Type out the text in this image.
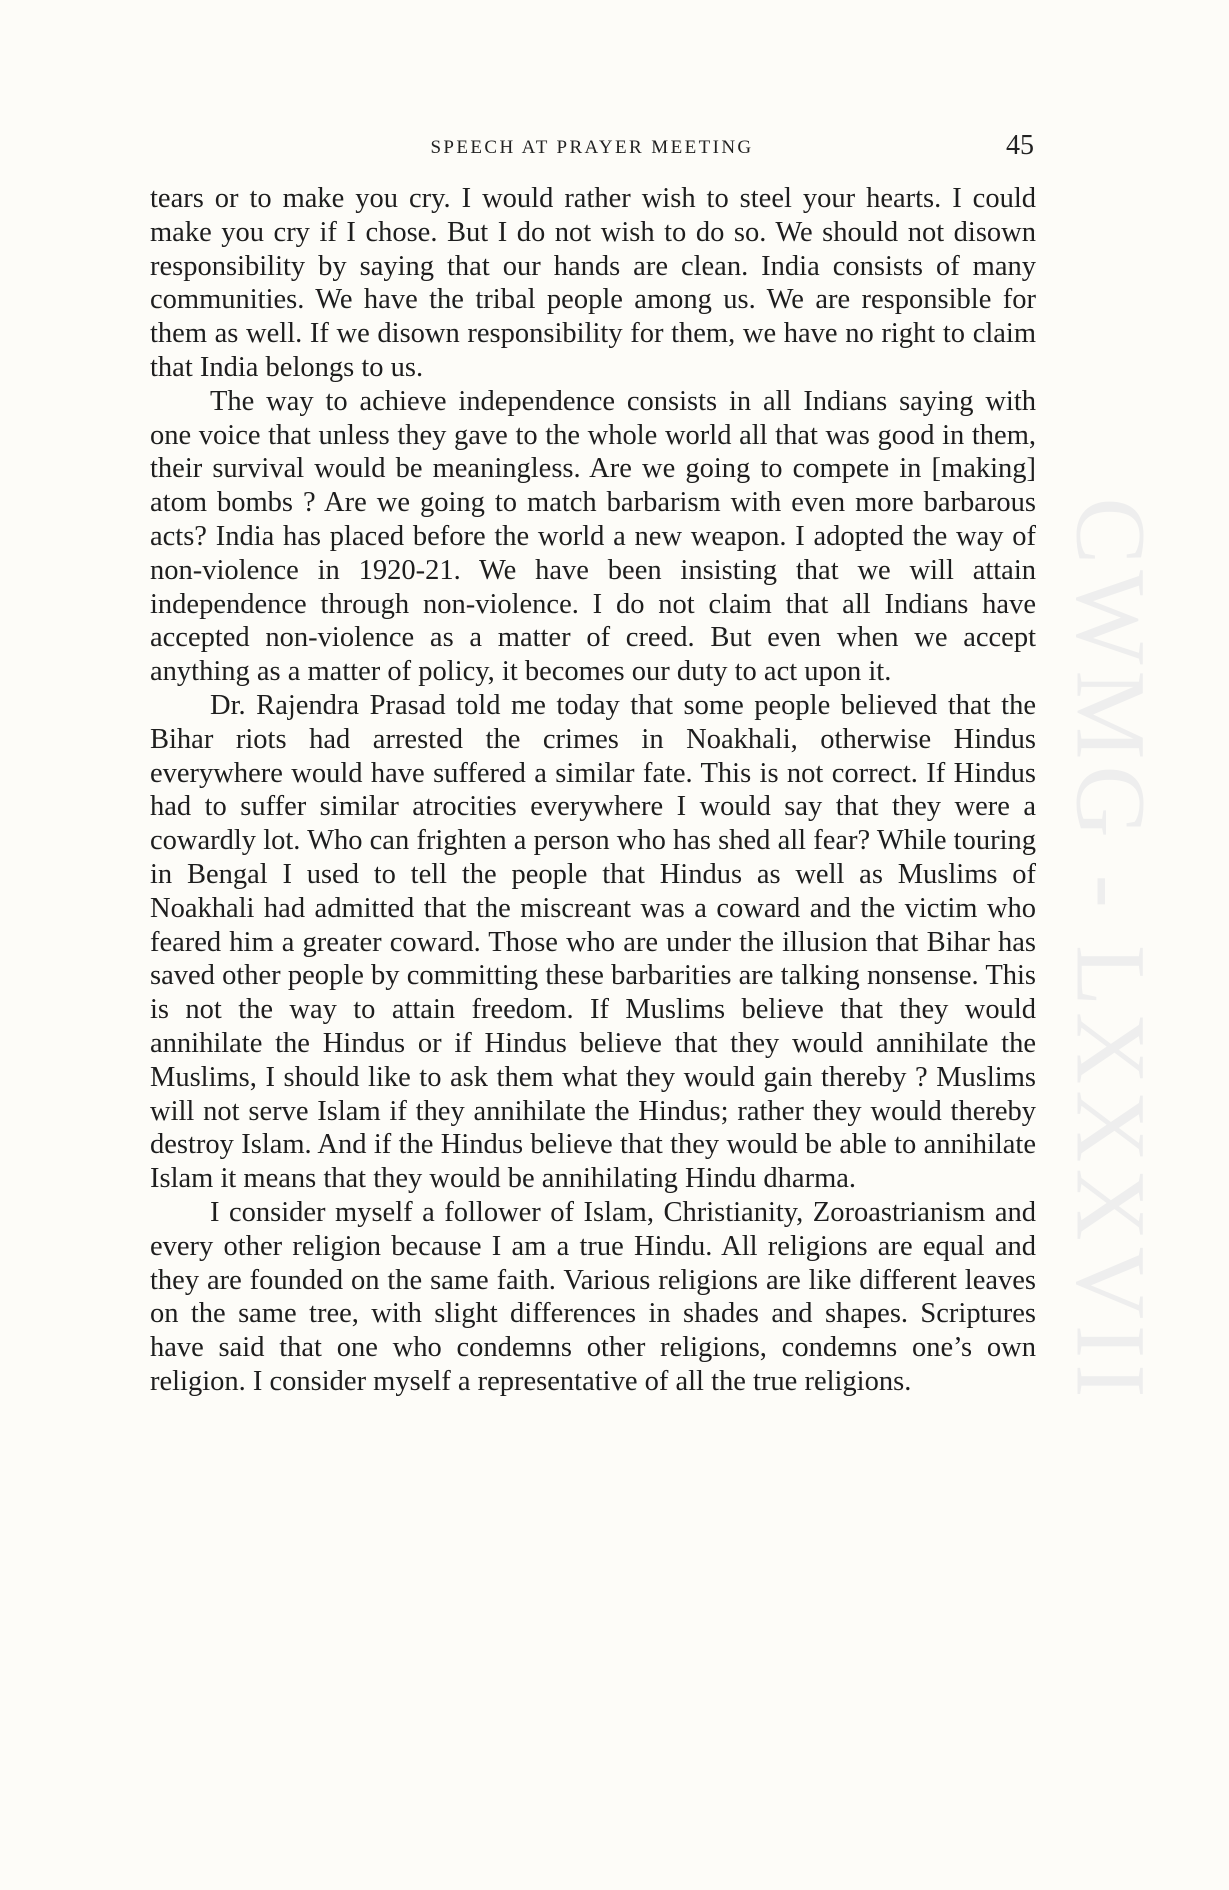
CWMG - LXXXVII
SPEECH AT PRAYER MEETING	45

tears or to make you cry. I would rather wish to steel your hearts. I could make you cry if I chose. But I do not wish to do so. We should not disown responsibility by saying that our hands are clean. India consists of many communities. We have the tribal people among us. We are responsible for them as well. If we disown responsibility for them, we have no right to claim that India belongs to us.

The way to achieve independence consists in all Indians saying with one voice that unless they gave to the whole world all that was good in them, their survival would be meaningless. Are we going to compete in [making] atom bombs ? Are we going to match barbarism with even more barbarous acts? India has placed before the world a new weapon. I adopted the way of non-violence in 1920-21. We have been insisting that we will attain independence through non-violence. I do not claim that all Indians have accepted non-violence as a matter of creed. But even when we accept anything as a matter of policy, it becomes our duty to act upon it.

Dr. Rajendra Prasad told me today that some people believed that the Bihar riots had arrested the crimes in Noakhali, otherwise Hindus everywhere would have suffered a similar fate. This is not correct. If Hindus had to suffer similar atrocities everywhere I would say that they were a cowardly lot. Who can frighten a person who has shed all fear? While touring in Bengal I used to tell the people that Hindus as well as Muslims of Noakhali had admitted that the miscreant was a coward and the victim who feared him a greater coward. Those who are under the illusion that Bihar has saved other people by committing these barbarities are talking nonsense. This is not the way to attain freedom. If Muslims believe that they would annihilate the Hindus or if Hindus believe that they would annihilate the Muslims, I should like to ask them what they would gain thereby ? Muslims will not serve Islam if they annihilate the Hindus; rather they would thereby destroy Islam. And if the Hindus believe that they would be able to annihilate Islam it means that they would be annihilating Hindu dharma.

I consider myself a follower of Islam, Christianity, Zoroastrianism and every other religion because I am a true Hindu. All religions are equal and they are founded on the same faith. Various religions are like different leaves on the same tree, with slight differences in shades and shapes. Scriptures have said that one who condemns other religions, condemns one’s own religion. I consider myself a representative of all the true religions.
